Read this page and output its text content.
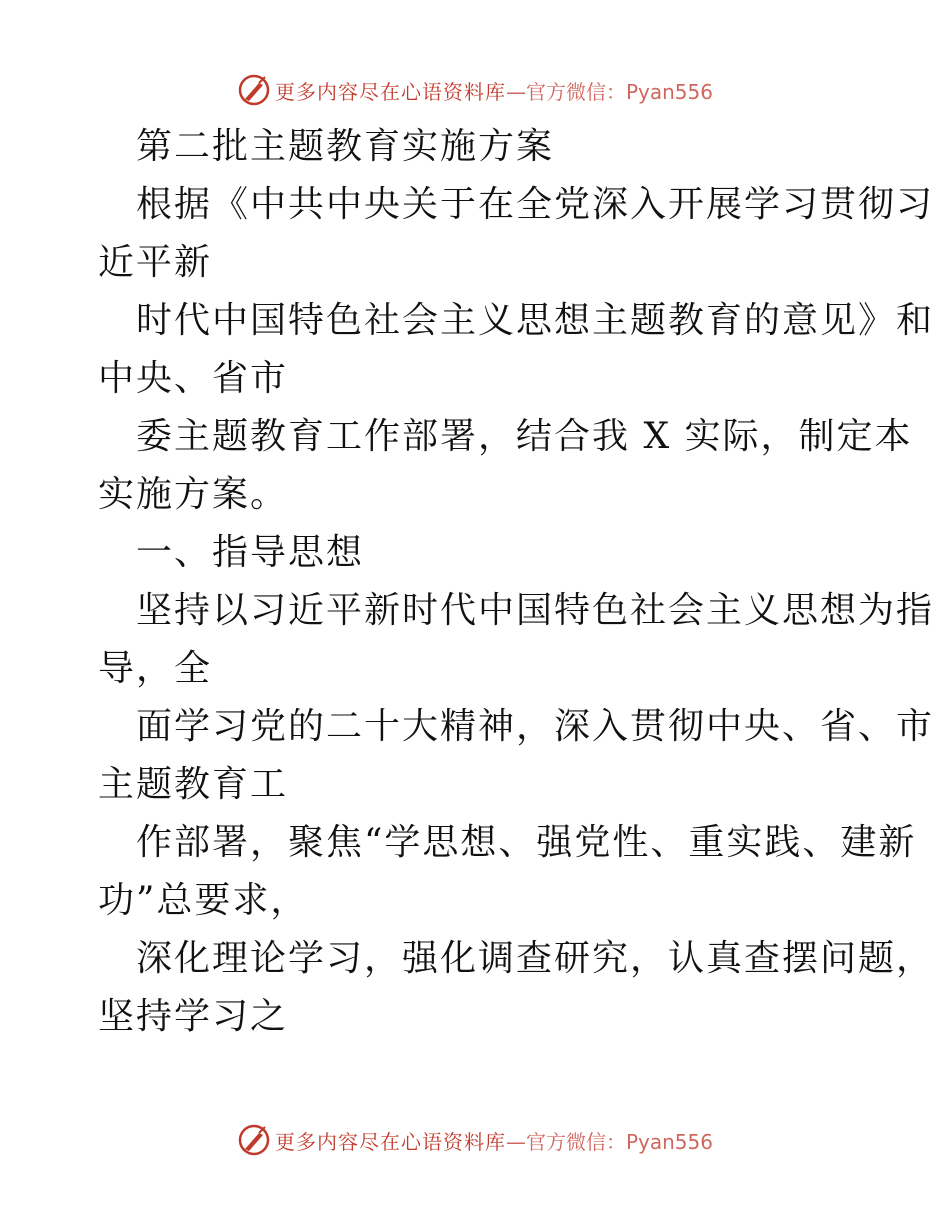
更多内容尽在心语资料库—官方微信：Pyan556
第二批主题教育实施方案
根据《中共中央关于在全党深入开展学习贯彻习
近平新
时代中国特色社会主义思想主题教育的意见》和
中央、省市
委主题教育工作部署，结合我 X 实际，制定本
实施方案。
一、指导思想
坚持以习近平新时代中国特色社会主义思想为指
导，全
面学习党的二十大精神，深入贯彻中央、省、市
主题教育工
作部署，聚焦“学思想、强党性、重实践、建新
功”总要求，
深化理论学习，强化调查研究，认真查摆问题，
坚持学习之
更多内容尽在心语资料库—官方微信：Pyan556
